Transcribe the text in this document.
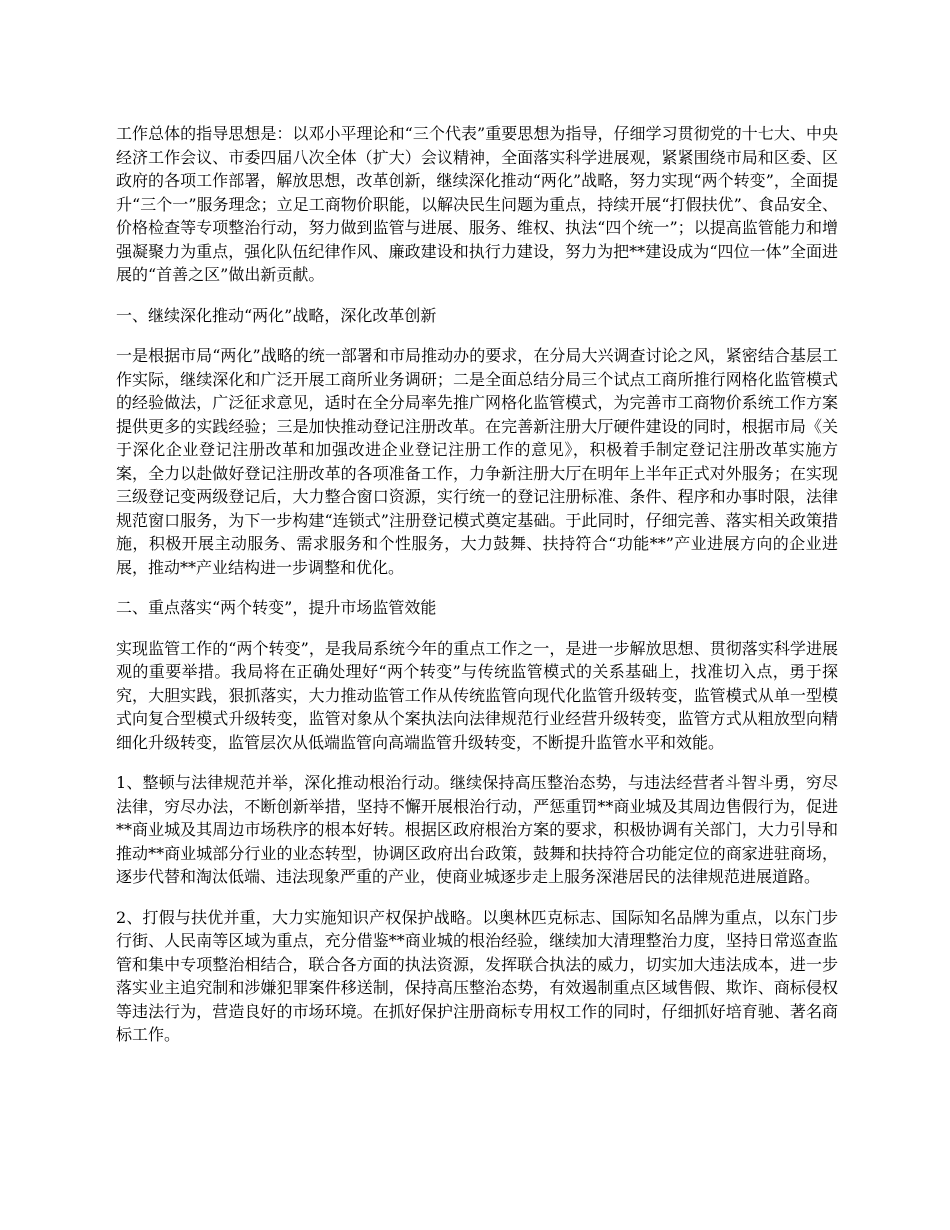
工作总体的指导思想是：以邓小平理论和“三个代表”重要思想为指导，仔细学习贯彻党的十七大、中央经济工作会议、市委四届八次全体（扩大）会议精神，全面落实科学进展观，紧紧围绕市局和区委、区政府的各项工作部署，解放思想，改革创新，继续深化推动“两化”战略，努力实现“两个转变”，全面提升“三个一”服务理念；立足工商物价职能，以解决民生问题为重点，持续开展“打假扶优”、食品安全、价格检查等专项整治行动，努力做到监管与进展、服务、维权、执法“四个统一”；以提高监管能力和增强凝聚力为重点，强化队伍纪律作风、廉政建设和执行力建设，努力为把**建设成为“四位一体”全面进展的“首善之区”做出新贡献。

一、继续深化推动“两化”战略，深化改革创新

一是根据市局“两化”战略的统一部署和市局推动办的要求，在分局大兴调查讨论之风，紧密结合基层工作实际，继续深化和广泛开展工商所业务调研；二是全面总结分局三个试点工商所推行网格化监管模式的经验做法，广泛征求意见，适时在全分局率先推广网格化监管模式，为完善市工商物价系统工作方案提供更多的实践经验；三是加快推动登记注册改革。在完善新注册大厅硬件建设的同时，根据市局《关于深化企业登记注册改革和加强改进企业登记注册工作的意见》，积极着手制定登记注册改革实施方案，全力以赴做好登记注册改革的各项准备工作，力争新注册大厅在明年上半年正式对外服务；在实现三级登记变两级登记后，大力整合窗口资源，实行统一的登记注册标准、条件、程序和办事时限，法律规范窗口服务，为下一步构建“连锁式”注册登记模式奠定基础。于此同时，仔细完善、落实相关政策措施，积极开展主动服务、需求服务和个性服务，大力鼓舞、扶持符合“功能**”产业进展方向的企业进展，推动**产业结构进一步调整和优化。

二、重点落实“两个转变”，提升市场监管效能

实现监管工作的“两个转变”，是我局系统今年的重点工作之一，是进一步解放思想、贯彻落实科学进展观的重要举措。我局将在正确处理好“两个转变”与传统监管模式的关系基础上，找准切入点，勇于探究，大胆实践，狠抓落实，大力推动监管工作从传统监管向现代化监管升级转变，监管模式从单一型模式向复合型模式升级转变，监管对象从个案执法向法律规范行业经营升级转变，监管方式从粗放型向精细化升级转变，监管层次从低端监管向高端监管升级转变，不断提升监管水平和效能。

1、整顿与法律规范并举，深化推动根治行动。继续保持高压整治态势，与违法经营者斗智斗勇，穷尽法律，穷尽办法，不断创新举措，坚持不懈开展根治行动，严惩重罚**商业城及其周边售假行为，促进**商业城及其周边市场秩序的根本好转。根据区政府根治方案的要求，积极协调有关部门，大力引导和推动**商业城部分行业的业态转型，协调区政府出台政策，鼓舞和扶持符合功能定位的商家进驻商场，逐步代替和淘汰低端、违法现象严重的产业，使商业城逐步走上服务深港居民的法律规范进展道路。

2、打假与扶优并重，大力实施知识产权保护战略。以奥林匹克标志、国际知名品牌为重点，以东门步行街、人民南等区域为重点，充分借鉴**商业城的根治经验，继续加大清理整治力度，坚持日常巡查监管和集中专项整治相结合，联合各方面的执法资源，发挥联合执法的威力，切实加大违法成本，进一步落实业主追究制和涉嫌犯罪案件移送制，保持高压整治态势，有效遏制重点区域售假、欺诈、商标侵权等违法行为，营造良好的市场环境。在抓好保护注册商标专用权工作的同时，仔细抓好培育驰、著名商标工作。
